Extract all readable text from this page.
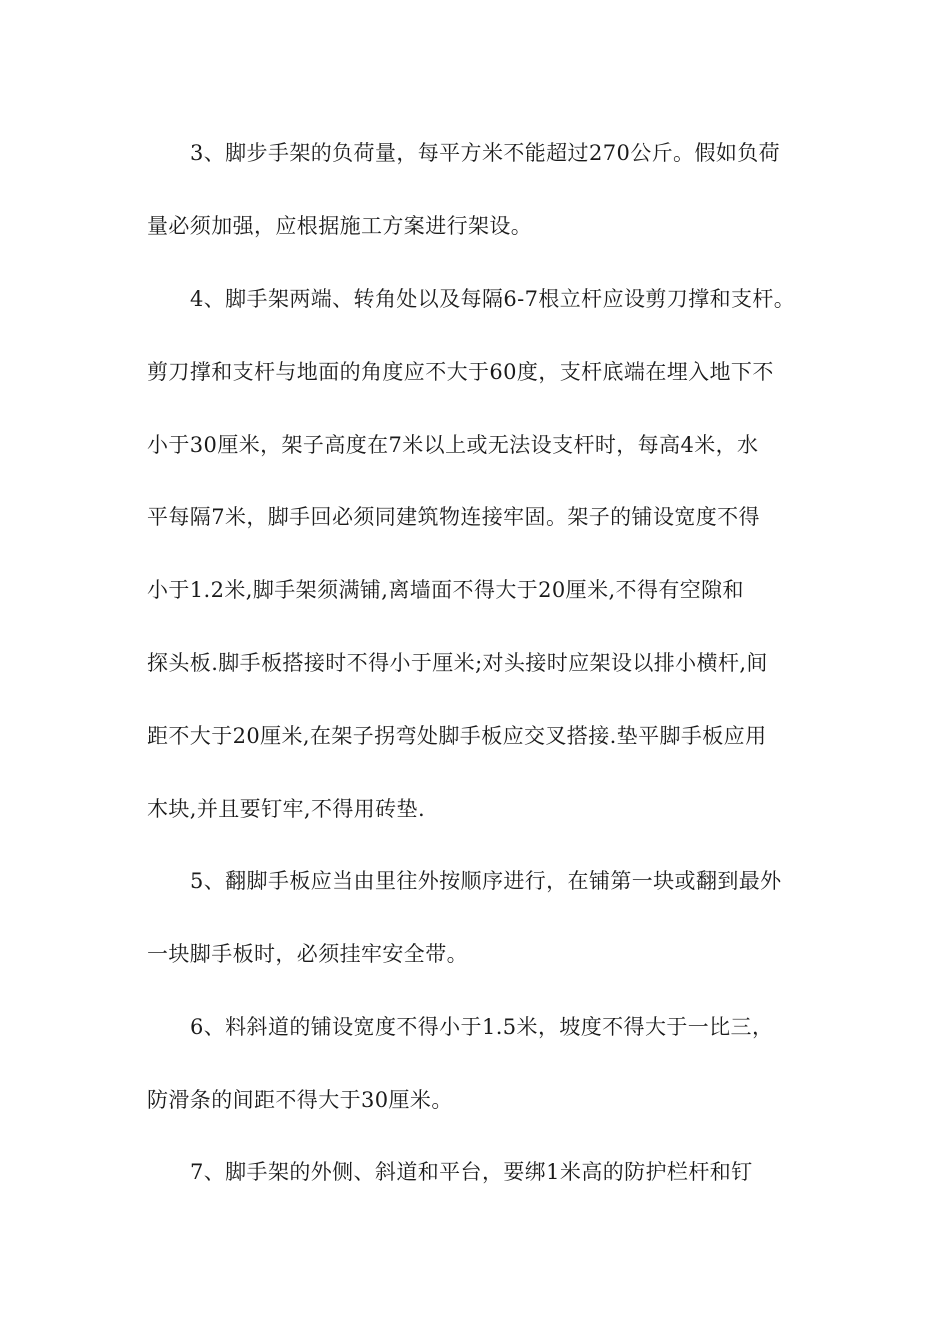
3、脚步手架的负荷量，每平方米不能超过270公斤。假如负荷
量必须加强，应根据施工方案进行架设。
4、脚手架两端、转角处以及每隔6-7根立杆应设剪刀撑和支杆。
剪刀撑和支杆与地面的角度应不大于60度，支杆底端在埋入地下不
小于30厘米，架子高度在7米以上或无法设支杆时，每高4米，水
平每隔7米，脚手回必须同建筑物连接牢固。架子的铺设宽度不得
小于1.2米,脚手架须满铺,离墙面不得大于20厘米,不得有空隙和
探头板.脚手板搭接时不得小于厘米;对头接时应架设以排小横杆,间
距不大于20厘米,在架子拐弯处脚手板应交叉搭接.垫平脚手板应用
木块,并且要钉牢,不得用砖垫.
5、翻脚手板应当由里往外按顺序进行，在铺第一块或翻到最外
一块脚手板时，必须挂牢安全带。
6、料斜道的铺设宽度不得小于1.5米，坡度不得大于一比三，
防滑条的间距不得大于30厘米。
7、脚手架的外侧、斜道和平台，要绑1米高的防护栏杆和钉
